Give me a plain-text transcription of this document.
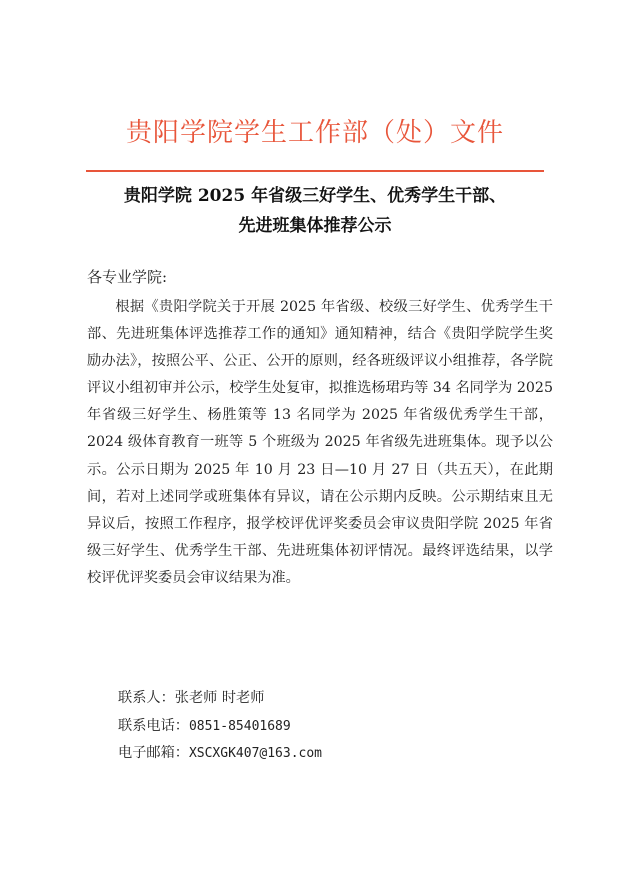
贵阳学院学生工作部（处）文件
贵阳学院 2025 年省级三好学生、优秀学生干部、
先进班集体推荐公示
各专业学院:

根据《贵阳学院关于开展 2025 年省级、校级三好学生、优秀学生干部、先进班集体评选推荐工作的通知》通知精神，结合《贵阳学院学生奖励办法》，按照公平、公正、公开的原则，经各班级评议小组推荐，各学院评议小组初审并公示，校学生处复审，拟推选杨珺玙等 34 名同学为 2025 年省级三好学生、杨胜策等 13 名同学为 2025 年省级优秀学生干部，2024 级体育教育一班等 5 个班级为 2025 年省级先进班集体。现予以公示。公示日期为 2025 年 10 月 23 日—10 月 27 日（共五天），在此期间，若对上述同学或班集体有异议，请在公示期内反映。公示期结束且无异议后，按照工作程序，报学校评优评奖委员会审议贵阳学院 2025 年省级三好学生、优秀学生干部、先进班集体初评情况。最终评选结果，以学校评优评奖委员会审议结果为准。

联系人：张老师 时老师
联系电话：0851-85401689
电子邮箱：XSCXGK407@163.com
